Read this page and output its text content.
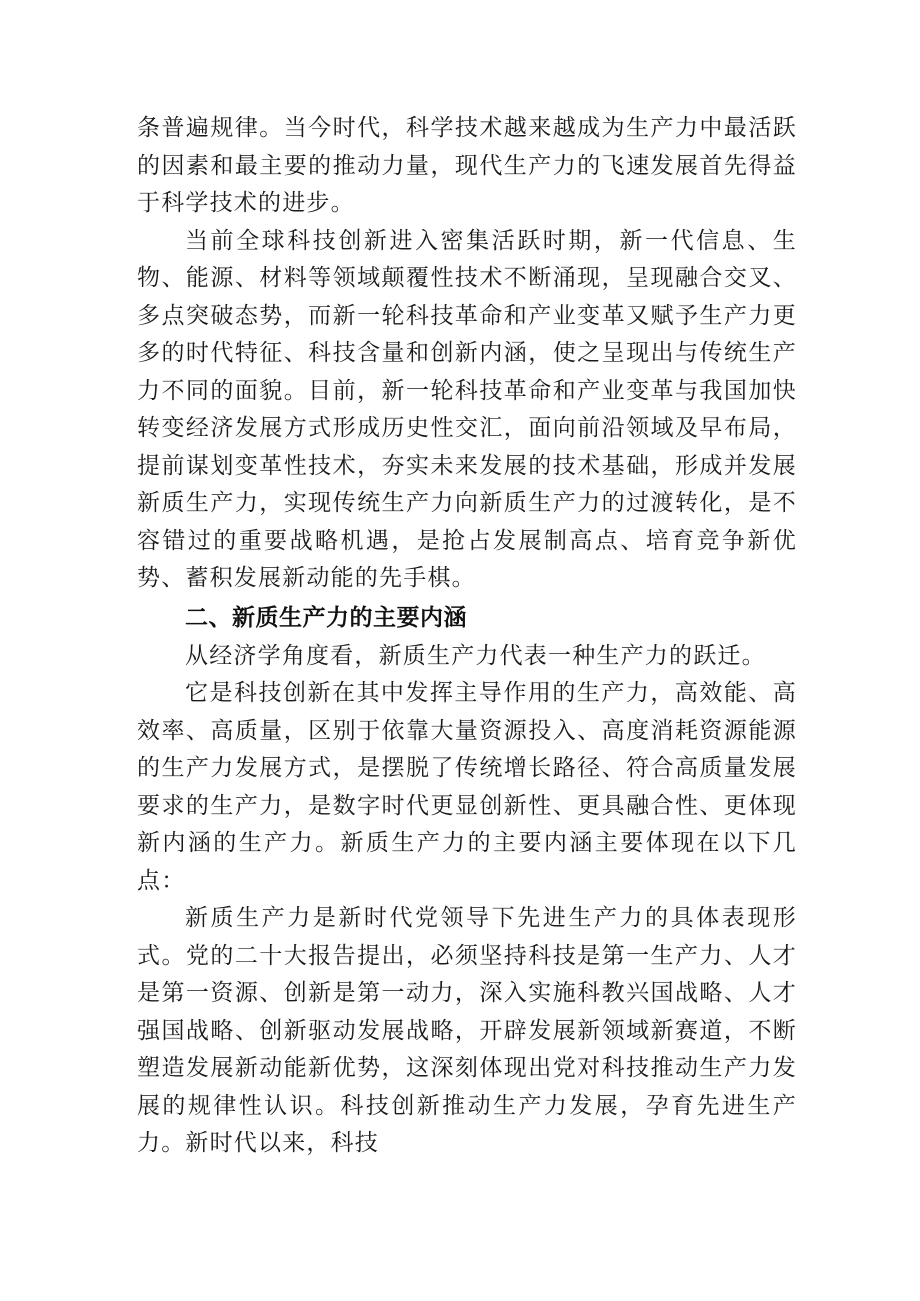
条普遍规律。当今时代，科学技术越来越成为生产力中最活跃的因素和最主要的推动力量，现代生产力的飞速发展首先得益于科学技术的进步。

当前全球科技创新进入密集活跃时期，新一代信息、生物、能源、材料等领域颠覆性技术不断涌现，呈现融合交叉、多点突破态势，而新一轮科技革命和产业变革又赋予生产力更多的时代特征、科技含量和创新内涵，使之呈现出与传统生产力不同的面貌。目前，新一轮科技革命和产业变革与我国加快转变经济发展方式形成历史性交汇，面向前沿领域及早布局，提前谋划变革性技术，夯实未来发展的技术基础，形成并发展新质生产力，实现传统生产力向新质生产力的过渡转化，是不容错过的重要战略机遇，是抢占发展制高点、培育竞争新优势、蓄积发展新动能的先手棋。

二、新质生产力的主要内涵

从经济学角度看，新质生产力代表一种生产力的跃迁。

它是科技创新在其中发挥主导作用的生产力，高效能、高效率、高质量，区别于依靠大量资源投入、高度消耗资源能源的生产力发展方式，是摆脱了传统增长路径、符合高质量发展要求的生产力，是数字时代更显创新性、更具融合性、更体现新内涵的生产力。新质生产力的主要内涵主要体现在以下几点：

新质生产力是新时代党领导下先进生产力的具体表现形式。党的二十大报告提出，必须坚持科技是第一生产力、人才是第一资源、创新是第一动力，深入实施科教兴国战略、人才强国战略、创新驱动发展战略，开辟发展新领域新赛道，不断塑造发展新动能新优势，这深刻体现出党对科技推动生产力发展的规律性认识。科技创新推动生产力发展，孕育先进生产力。新时代以来，科技
